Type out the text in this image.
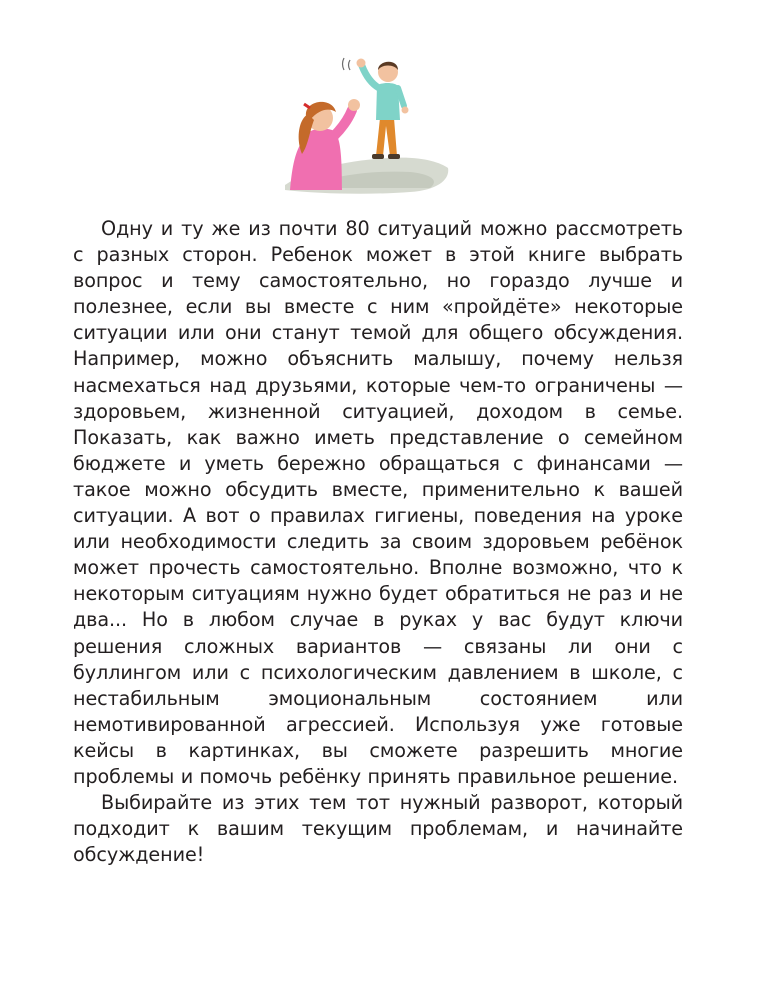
Одну и ту же из почти 80 ситуаций можно рассмотреть с разных сторон. Ребенок может в этой книге выбрать вопрос и тему самостоятельно, но гораздо лучше и полезнее, если вы вместе с ним «пройдёте» некоторые ситуации или они станут темой для общего обсуждения. Например, можно объяснить малышу, почему нельзя насмехаться над друзьями, которые чем-то ограничены — здоровьем, жизненной ситуацией, доходом в семье. Показать, как важно иметь представление о семейном бюджете и уметь бережно обращаться с финансами — такое можно обсудить вместе, применительно к вашей ситуации. А вот о правилах гигиены, поведения на уроке или необходимости следить за своим здоровьем ребёнок может прочесть самостоятельно. Вполне возможно, что к некоторым ситуациям нужно будет обратиться не раз и не два... Но в любом случае в руках у вас будут ключи решения сложных вариантов — связаны ли они с буллингом или с психологическим давлением в школе, с нестабильным эмоциональным состоянием или немотивированной агрессией. Используя уже готовые кейсы в картинках, вы сможете разрешить многие проблемы и помочь ребёнку принять правильное решение.

Выбирайте из этих тем тот нужный разворот, который подходит к вашим текущим проблемам, и начинайте обсуждение!
